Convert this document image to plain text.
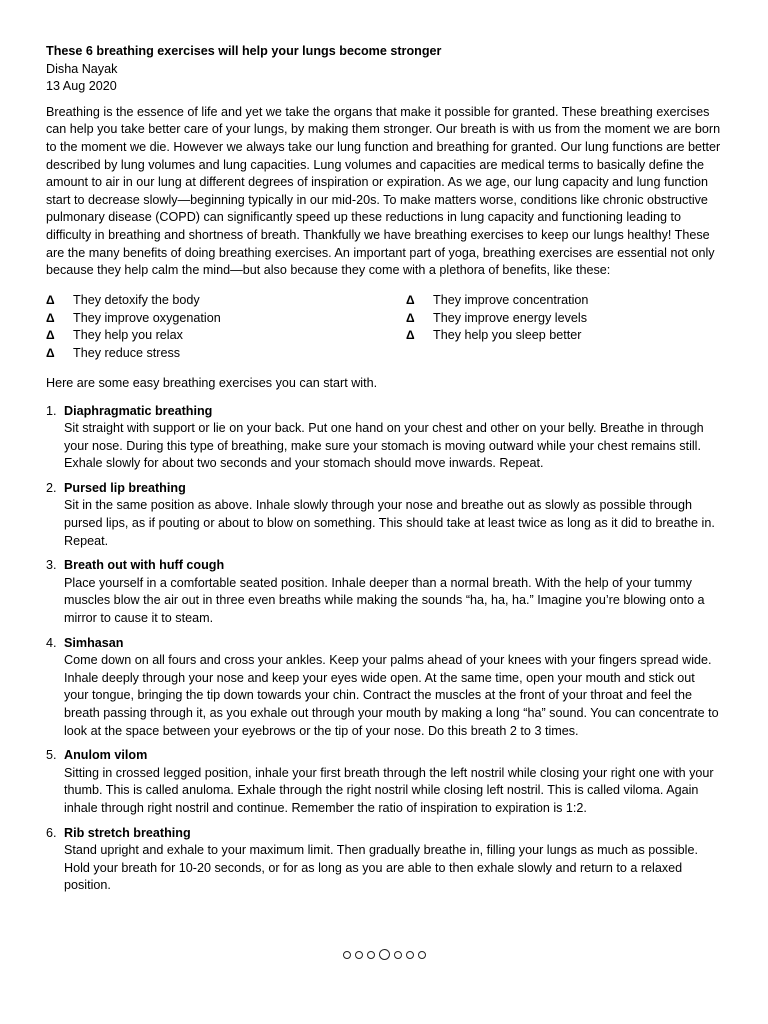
These 6 breathing exercises will help your lungs become stronger

Disha Nayak

13 Aug 2020

Breathing is the essence of life and yet we take the organs that make it possible for granted. These breathing exercises can help you take better care of your lungs, by making them stronger. Our breath is with us from the moment we are born to the moment we die. However we always take our lung function and breathing for granted. Our lung functions are better described by lung volumes and lung capacities. Lung volumes and capacities are medical terms to basically define the amount to air in our lung at different degrees of inspiration or expiration. As we age, our lung capacity and lung function start to decrease slowly—beginning typically in our mid-20s. To make matters worse, conditions like chronic obstructive pulmonary disease (COPD) can significantly speed up these reductions in lung capacity and functioning leading to difficulty in breathing and shortness of breath. Thankfully we have breathing exercises to keep our lungs healthy! These are the many benefits of doing breathing exercises. An important part of yoga, breathing exercises are essential not only because they help calm the mind—but also because they come with a plethora of benefits, like these:

Δ	They detoxify the body
Δ	They improve oxygenation
Δ	They help you relax
Δ	They reduce stress
Δ	They improve concentration
Δ	They improve energy levels
Δ	They help you sleep better

Here are some easy breathing exercises you can start with.

1. Diaphragmatic breathing
Sit straight with support or lie on your back. Put one hand on your chest and other on your belly. Breathe in through your nose. During this type of breathing, make sure your stomach is moving outward while your chest remains still. Exhale slowly for about two seconds and your stomach should move inwards. Repeat.
2. Pursed lip breathing
Sit in the same position as above. Inhale slowly through your nose and breathe out as slowly as possible through pursed lips, as if pouting or about to blow on something. This should take at least twice as long as it did to breathe in. Repeat.
3. Breath out with huff cough
Place yourself in a comfortable seated position. Inhale deeper than a normal breath. With the help of your tummy muscles blow the air out in three even breaths while making the sounds “ha, ha, ha.” Imagine you’re blowing onto a mirror to cause it to steam.
4. Simhasan
Come down on all fours and cross your ankles. Keep your palms ahead of your knees with your fingers spread wide. Inhale deeply through your nose and keep your eyes wide open. At the same time, open your mouth and stick out your tongue, bringing the tip down towards your chin. Contract the muscles at the front of your throat and feel the breath passing through it, as you exhale out through your mouth by making a long “ha” sound. You can concentrate to look at the space between your eyebrows or the tip of your nose. Do this breath 2 to 3 times.
5. Anulom vilom
Sitting in crossed legged position, inhale your first breath through the left nostril while closing your right one with your thumb. This is called anuloma. Exhale through the right nostril while closing left nostril. This is called viloma. Again inhale through right nostril and continue. Remember the ratio of inspiration to expiration is 1:2.
6. Rib stretch breathing
Stand upright and exhale to your maximum limit. Then gradually breathe in, filling your lungs as much as possible. Hold your breath for 10-20 seconds, or for as long as you are able to then exhale slowly and return to a relaxed position.
